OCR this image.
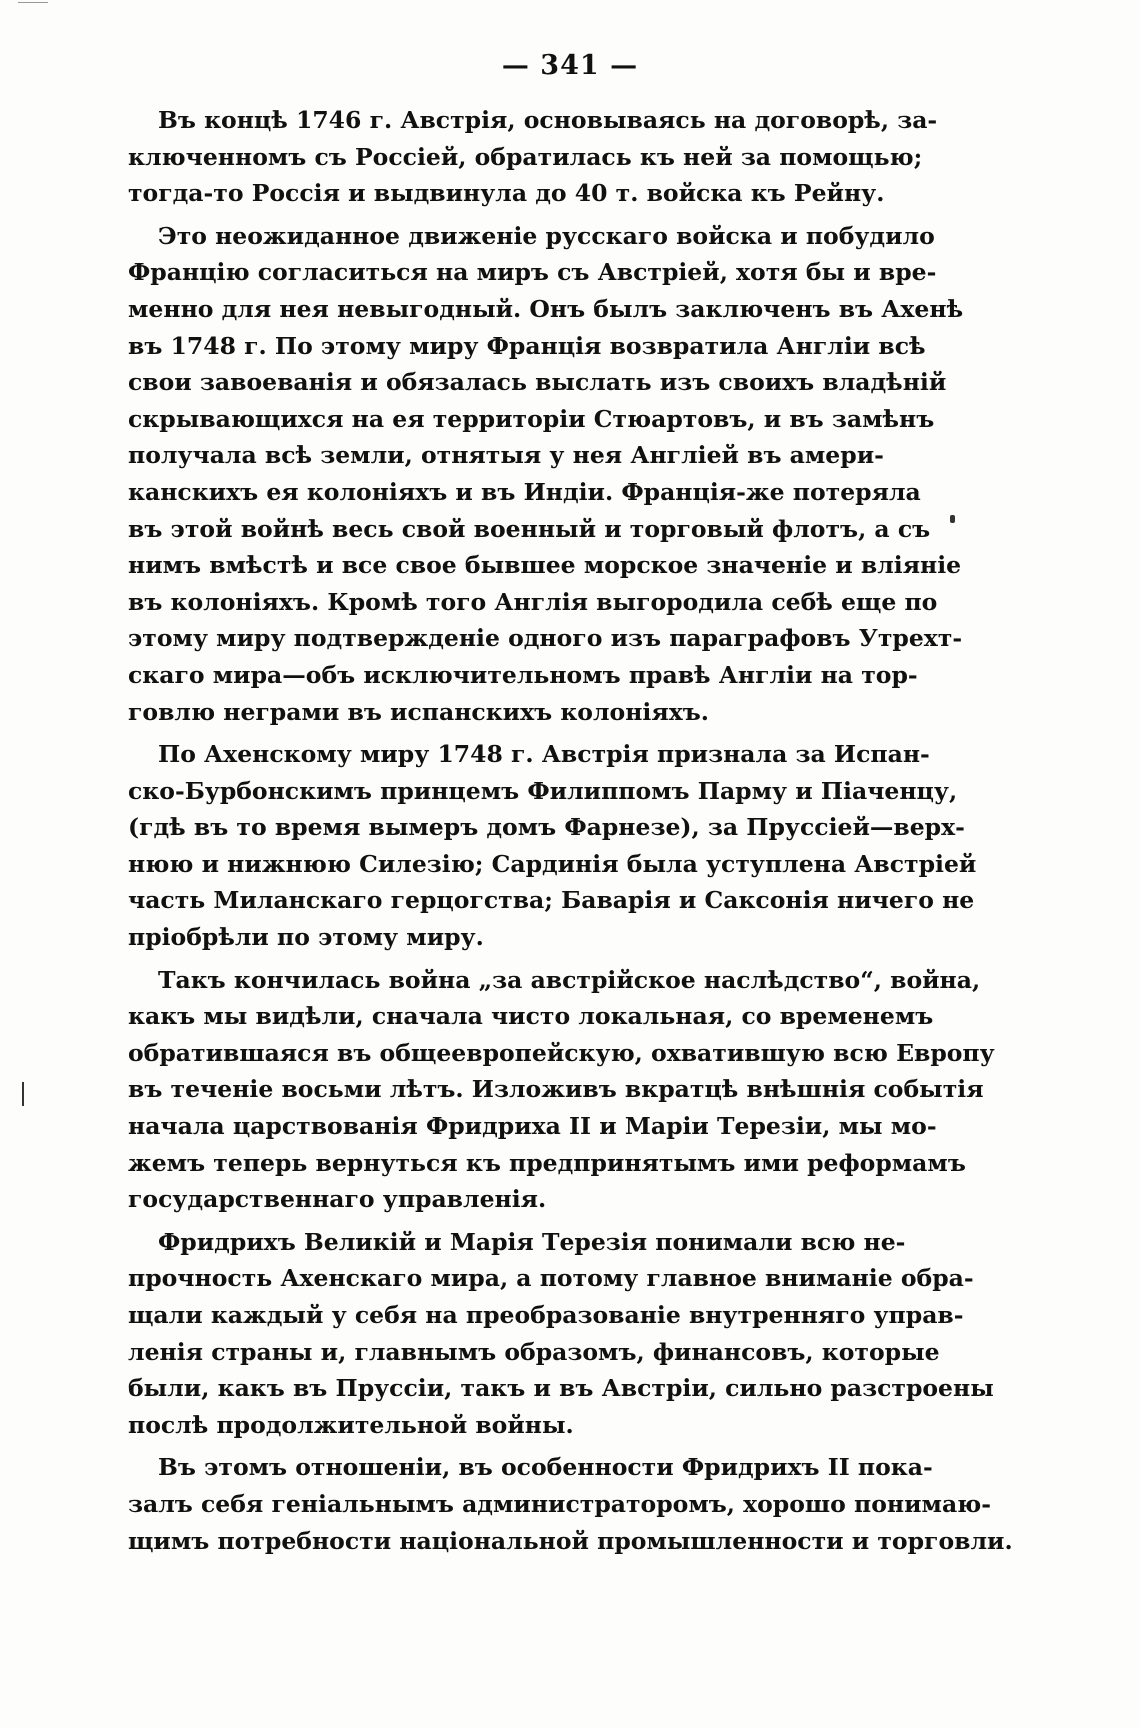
— 341 —
Въ концѣ 1746 г. Австрія, основываясь на договорѣ, за-
ключенномъ съ Россіей, обратилась къ ней за помощью;
тогда-то Россія и выдвинула до 40 т. войска къ Рейну.
Это неожиданное движеніе русскаго войска и побудило
Францію согласиться на миръ съ Австріей, хотя бы и вре-
менно для нея невыгодный. Онъ былъ заключенъ въ Ахенѣ
въ 1748 г. По этому миру Франція возвратила Англіи всѣ
свои завоеванія и обязалась выслать изъ своихъ владѣній
скрывающихся на ея территоріи Стюартовъ, и въ замѣнъ
получала всѣ земли, отнятыя у нея Англіей въ амери-
канскихъ ея колоніяхъ и въ Индіи. Франція-же потеряла
въ этой войнѣ весь свой военный и торговый флотъ, а съ
нимъ вмѣстѣ и все свое бывшее морское значеніе и вліяніе
въ колоніяхъ. Кромѣ того Англія выгородила себѣ еще по
этому миру подтвержденіе одного изъ параграфовъ Утрехт-
скаго мира—объ исключительномъ правѣ Англіи на тор-
говлю неграми въ испанскихъ колоніяхъ.
По Ахенскому миру 1748 г. Австрія признала за Испан-
ско-Бурбонскимъ принцемъ Филиппомъ Парму и Піаченцу,
(гдѣ въ то время вымеръ домъ Фарнезе), за Пруссіей—верх-
нюю и нижнюю Силезію; Сардинія была уступлена Австріей
часть Миланскаго герцогства; Баварія и Саксонія ничего не
пріобрѣли по этому миру.
Такъ кончилась война „за австрійское наслѣдство“, война,
какъ мы видѣли, сначала чисто локальная, со временемъ
обратившаяся въ общеевропейскую, охватившую всю Европу
въ теченіе восьми лѣтъ. Изложивъ вкратцѣ внѣшнія событія
начала царствованія Фридриха II и Маріи Терезіи, мы мо-
жемъ теперь вернуться къ предпринятымъ ими реформамъ
государственнаго управленія.
Фридрихъ Великій и Марія Терезія понимали всю не-
прочность Ахенскаго мира, а потому главное вниманіе обра-
щали каждый у себя на преобразованіе внутренняго управ-
ленія страны и, главнымъ образомъ, финансовъ, которые
были, какъ въ Пруссіи, такъ и въ Австріи, сильно разстроены
послѣ продолжительной войны.
Въ этомъ отношеніи, въ особенности Фридрихъ II пока-
залъ себя геніальнымъ администраторомъ, хорошо понимаю-
щимъ потребности національной промышленности и торговли.
